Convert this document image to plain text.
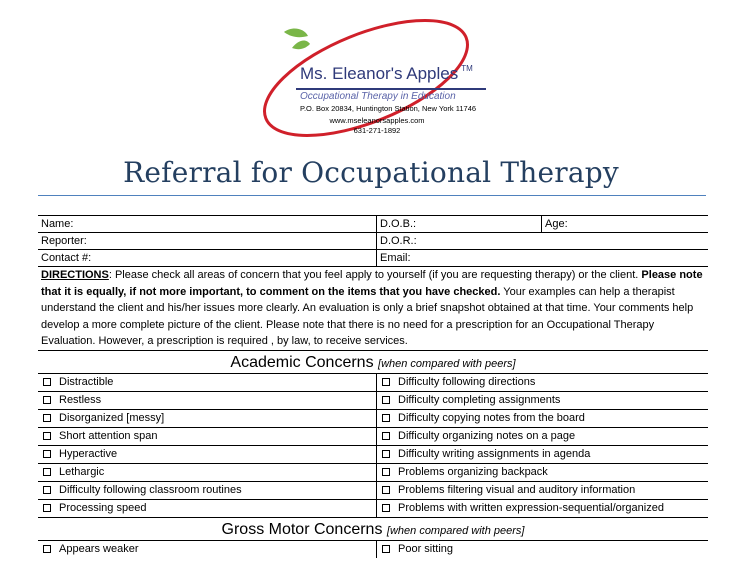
Ms. Eleanor's Apples ™
Occupational Therapy in Education
P.O. Box 20834, Huntington Station, New York 11746
www.mseleanorsapples.com
631-271-1892
Referral for Occupational Therapy
Name:	D.O.B.:	Age:
Reporter:	D.O.R.:
Contact #:	Email:
DIRECTIONS: Please check all areas of concern that you feel apply to yourself (if you are requesting therapy) or the client. Please note that it is equally, if not more important, to comment on the items that you have checked. Your examples can help a therapist understand the client and his/her issues more clearly. An evaluation is only a brief snapshot obtained at that time. Your comments help develop a more complete picture of the client. Please note that there is no need for a prescription for an Occupational Therapy Evaluation. However, a prescription is required , by law, to receive services.
Academic Concerns [when compared with peers]
Distractible	Difficulty following directions
Restless	Difficulty completing assignments
Disorganized [messy]	Difficulty copying notes from the board
Short attention span	Difficulty organizing notes on a page
Hyperactive	Difficulty writing assignments in agenda
Lethargic	Problems organizing backpack
Difficulty following classroom routines	Problems filtering visual and auditory information
Processing speed	Problems with written expression-sequential/organized
Gross Motor Concerns [when compared with peers]
Appears weaker	Poor sitting
